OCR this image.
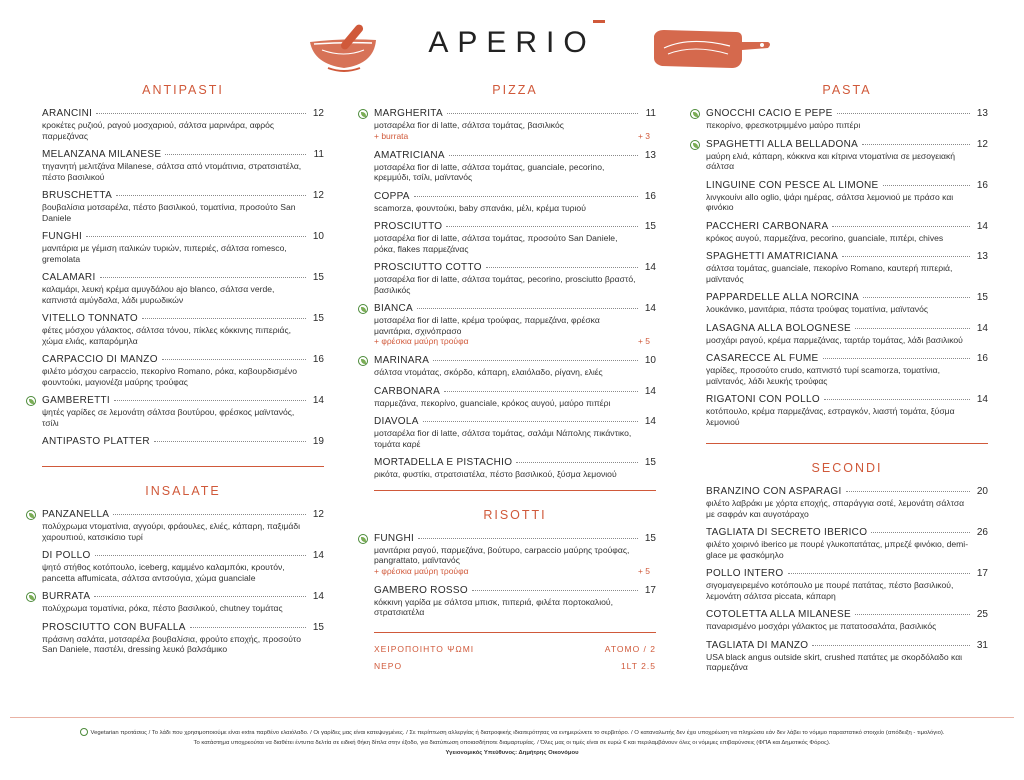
APERIO
ANTIPASTI
ARANCINI	12
κροκέτες ρυζιού, ραγού μοσχαριού, σάλτσα μαρινάρα, αφρός παρμεζάνας
MELANZANA MILANESE	11
τηγανητή μελιτζάνα Milanese, σάλτσα από ντομάτινια, στρατσιατέλα, πέστο βασιλικού
BRUSCHETTA	12
βουβαλίσια μοτσαρέλα, πέστο βασιλικού, τοματίνια, προσούτο San Daniele
FUNGHI	10
μανιτάρια με γέμιση ιταλικών τυριών, πιπεριές, σάλτσα romesco, gremolata
CALAMARI	15
καλαμάρι, λευκή κρέμα αμυγδάλου ajo blanco, σάλτσα verde, καπνιστά αμύγδαλα, λάδι μυρωδικών
VITELLO TONNATO	15
φέτες μόσχου γάλακτος, σάλτσα τόνου, πίκλες κόκκινης πιπεριάς, χώμα ελιάς, καπαρόμηλα
CARPACCIO DI MANZO	16
φιλέτο μόσχου carpaccio, πεκορίνο Romano, ρόκα, καβουρδισμένο φουντούκι, μαγιονέζα μαύρης τρούφας
GAMBERETTI	14
ψητές γαρίδες σε λεμονάτη σάλτσα βουτύρου, φρέσκος μαϊντανός, τσίλι
ANTIPASTO PLATTER	19
INSALATE
PANZANELLA	12
πολύχρωμα ντοματίνια, αγγούρι, φράουλες, ελιές, κάπαρη, παξιμάδι χαρουπιού, κατσικίσιο τυρί
DI POLLO	14
ψητό στήθος κοτόπουλο, iceberg, καμμένο καλαμπόκι, κρουτόν, pancetta affumicata, σάλτσα αντσούγια, χώμα guanciale
BURRATA	14
πολύχρωμα τοματίνια, ρόκα, πέστο βασιλικού, chutney τομάτας
PROSCIUTTO CON BUFALLA	15
πράσινη σαλάτα, μοτσαρέλα βουβαλίσια, φρούτο εποχής, προσούτο San Daniele, παστέλι, dressing λευκό βαλσάμικο
PIZZA
MARGHERITA	11
μοτσαρέλα fior di latte, σάλτσα τομάτας, βασιλικός
+ burrata	+ 3
AMATRICIANA	13
μοτσαρέλα fior di latte, σάλτσα τομάτας, guanciale, pecorino, κρεμμύδι, τσίλι, μαϊντανός
COPPA	16
scamorza, φουντούκι, baby σπανάκι, μέλι, κρέμα τυριού
PROSCIUTTO	15
μοτσαρέλα fior di latte, σάλτσα τομάτας, προσούτο San Daniele, ρόκα, flakes παρμεζάνας
PROSCIUTTO COTTO	14
μοτσαρέλα fior di latte, σάλτσα τομάτας, pecorino, prosciutto βραστό, βασιλικός
BIANCA	14
μοτσαρέλα fior di latte, κρέμα τρούφας, παρμεζάνα, φρέσκα μανιτάρια, σχινόπρασο
+ φρέσκια μαύρη τρούφα	+ 5
MARINARA	10
σάλτσα ντομάτας, σκόρδο, κάπαρη, ελαιόλαδο, ρίγανη, ελιές
CARBONARA	14
παρμεζάνα, πεκορίνο, guanciale, κρόκος αυγού, μαύρο πιπέρι
DIAVOLA	14
μοτσαρέλα fior di latte, σάλτσα τομάτας, σαλάμι Νάπολης πικάντικο, τομάτα καρέ
MORTADELLA E PISTACHIO	15
ρικότα, φυστίκι, στρατσιατέλα, πέστο βασιλικού, ξύσμα λεμονιού
RISOTTI
FUNGHI	15
μανιτάρια ραγού, παρμεζάνα, βούτυρο, carpaccio μαύρης τρούφας, pangrattato, μαϊντανός
+ φρέσκια μαύρη τρούφα	+ 5
GAMBERO ROSSO	17
κόκκινη γαρίδα με σάλτσα μπισκ, πιπεριά, φιλέτα πορτοκαλιού, στρατσιατέλα
ΧΕΙΡΟΠΟΙΗΤΟ ΨΩΜΙ	ΑΤΟΜΟ / 2
ΝΕΡΟ	1LT 2.5
PASTA
GNOCCHI CACIO E PEPE	13
πεκορίνο, φρεσκοτριμμένο μαύρο πιπέρι
SPAGHETTI ALLA BELLADONA	12
μαύρη ελιά, κάπαρη, κόκκινα και κίτρινα ντοματίνια σε μεσογειακή σάλτσα
LINGUINE CON PESCE AL LIMONE	16
λινγκουίνι allo oglio, ψάρι ημέρας, σάλτσα λεμονιού με πράσο και φινόκιο
PACCHERI CARBONARA	14
κρόκος αυγού, παρμεζάνα, pecorino, guanciale, πιπέρι, chives
SPAGHETTI AMATRICIANA	13
σάλτσα τομάτας, guanciale, πεκορίνο Romano, καυτερή πιπεριά, μαϊντανός
PAPPARDELLE ALLA NORCINA	15
λουκάνικο, μανιτάρια, πάστα τρούφας τοματίνια, μαϊντανός
LASAGNA ALLA BOLOGNESE	14
μοσχάρι ραγού, κρέμα παρμεζάνας, ταρτάρ τομάτας, λάδι βασιλικού
CASARECCE AL FUME	16
γαρίδες, προσούτο crudo, καπνιστό τυρί scamorza, τοματίνια, μαϊντανός, λάδι λευκής τρούφας
RIGATONI CON POLLO	14
κοτόπουλο, κρέμα παρμεζάνας, εστραγκόν, λιαστή τομάτα, ξύσμα λεμονιού
SECONDI
BRANZINO CON ASPARAGI	20
φιλέτο λαβράκι με χόρτα εποχής, σπαράγγια σοτέ, λεμονάτη σάλτσα με σαφράν και αυγοτάραχο
TAGLIATA DI SECRETO IBERICO	26
φιλέτο χοιρινό iberico με πουρέ γλυκοπατάτας, μπρεζέ φινόκιο, demi-glace με φασκόμηλο
POLLO INTERO	17
σιγομαγειρεμένο κοτόπουλο με πουρέ πατάτας, πέστο βασιλικού, λεμονάτη σάλτσα piccata, κάπαρη
COTOLETTA ALLA MILANESE	25
παναρισμένο μοσχάρι γάλακτος με πατατοσαλάτα, βασιλικός
TAGLIATA DI MANZO	31
USA black angus outside skirt, crushed πατάτες με σκορδόλαδο και παρμεζάνα
Vegetarian προτάσεις / Το λάδι που χρησιμοποιούμε είναι extra παρθένο ελαιόλαδο. / Οι γαρίδες μας είναι κατεψυγμένες. / Σε περίπτωση αλλεργίας ή διατροφικής ιδιαιτερότητας να ενημερώνετε το σερβιτόρο. / Ο καταναλωτής δεν έχει υποχρέωση να πληρώσει εάν δεν λάβει το νόμιμο παραστατικό στοιχείο (απόδειξη - τιμολόγιο).
Το κατάστημα υποχρεούται να διαθέτει έντυπα δελτία σε ειδική θήκη δίπλα στην έξοδο, για διατύπωση οποιασδήποτε διαμαρτυρίας. / Όλες μας οι τιμές είναι σε ευρώ € και περιλαμβάνουν όλες οι νόμιμες επιβαρύνσεις (ΦΠΑ και Δημοτικός Φόρος).
Υγειονομικός Υπεύθυνος: Δημήτρης Οικονόμου
